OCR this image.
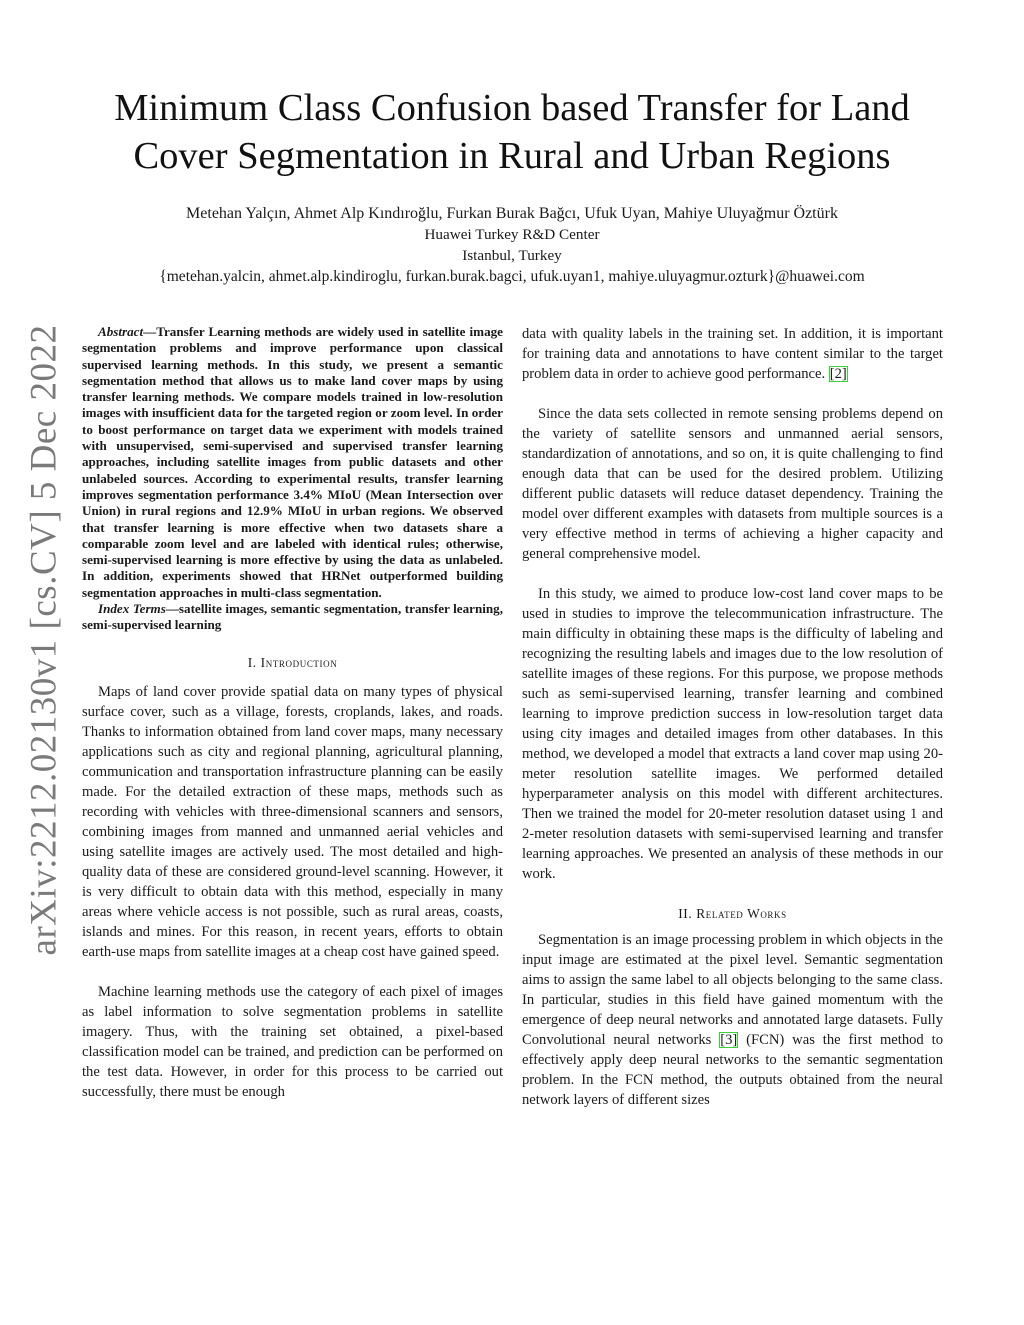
arXiv:2212.02130v1 [cs.CV] 5 Dec 2022
Minimum Class Confusion based Transfer for Land
Cover Segmentation in Rural and Urban Regions
Metehan Yalçın, Ahmet Alp Kındıroğlu, Furkan Burak Bağcı, Ufuk Uyan, Mahiye Uluyağmur Öztürk
Huawei Turkey R&D Center
Istanbul, Turkey
{metehan.yalcin, ahmet.alp.kindiroglu, furkan.burak.bagci, ufuk.uyan1, mahiye.uluyagmur.ozturk}@huawei.com

Abstract—Transfer Learning methods are widely used in satellite image segmentation problems and improve performance upon classical supervised learning methods. In this study, we present a semantic segmentation method that allows us to make land cover maps by using transfer learning methods. We compare models trained in low-resolution images with insufficient data for the targeted region or zoom level. In order to boost performance on target data we experiment with models trained with unsupervised, semi-supervised and supervised transfer learning approaches, including satellite images from public datasets and other unlabeled sources. According to experimental results, transfer learning improves segmentation performance 3.4% MIoU (Mean Intersection over Union) in rural regions and 12.9% MIoU in urban regions. We observed that transfer learning is more effective when two datasets share a comparable zoom level and are labeled with identical rules; otherwise, semi-supervised learning is more effective by using the data as unlabeled. In addition, experiments showed that HRNet outperformed building segmentation approaches in multi-class segmentation.

Index Terms—satellite images, semantic segmentation, transfer learning, semi-supervised learning

I. Introduction

Maps of land cover provide spatial data on many types of physical surface cover, such as a village, forests, croplands, lakes, and roads. Thanks to information obtained from land cover maps, many necessary applications such as city and regional planning, agricultural planning, communication and transportation infrastructure planning can be easily made. For the detailed extraction of these maps, methods such as recording with vehicles with three-dimensional scanners and sensors, combining images from manned and unmanned aerial vehicles and using satellite images are actively used. The most detailed and high-quality data of these are considered ground-level scanning. However, it is very difficult to obtain data with this method, especially in many areas where vehicle access is not possible, such as rural areas, coasts, islands and mines. For this reason, in recent years, efforts to obtain earth-use maps from satellite images at a cheap cost have gained speed.

Machine learning methods use the category of each pixel of images as label information to solve segmentation problems in satellite imagery. Thus, with the training set obtained, a pixel-based classification model can be trained, and prediction can be performed on the test data. However, in order for this process to be carried out successfully, there must be enough

data with quality labels in the training set. In addition, it is important for training data and annotations to have content similar to the target problem data in order to achieve good performance. [2]

Since the data sets collected in remote sensing problems depend on the variety of satellite sensors and unmanned aerial sensors, standardization of annotations, and so on, it is quite challenging to find enough data that can be used for the desired problem. Utilizing different public datasets will reduce dataset dependency. Training the model over different examples with datasets from multiple sources is a very effective method in terms of achieving a higher capacity and general comprehensive model.

In this study, we aimed to produce low-cost land cover maps to be used in studies to improve the telecommunication infrastructure. The main difficulty in obtaining these maps is the difficulty of labeling and recognizing the resulting labels and images due to the low resolution of satellite images of these regions. For this purpose, we propose methods such as semi-supervised learning, transfer learning and combined learning to improve prediction success in low-resolution target data using city images and detailed images from other databases. In this method, we developed a model that extracts a land cover map using 20-meter resolution satellite images. We performed detailed hyperparameter analysis on this model with different architectures. Then we trained the model for 20-meter resolution dataset using 1 and 2-meter resolution datasets with semi-supervised learning and transfer learning approaches. We presented an analysis of these methods in our work.

II. Related Works

Segmentation is an image processing problem in which objects in the input image are estimated at the pixel level. Semantic segmentation aims to assign the same label to all objects belonging to the same class. In particular, studies in this field have gained momentum with the emergence of deep neural networks and annotated large datasets. Fully Convolutional neural networks [3] (FCN) was the first method to effectively apply deep neural networks to the semantic segmentation problem. In the FCN method, the outputs obtained from the neural network layers of different sizes
